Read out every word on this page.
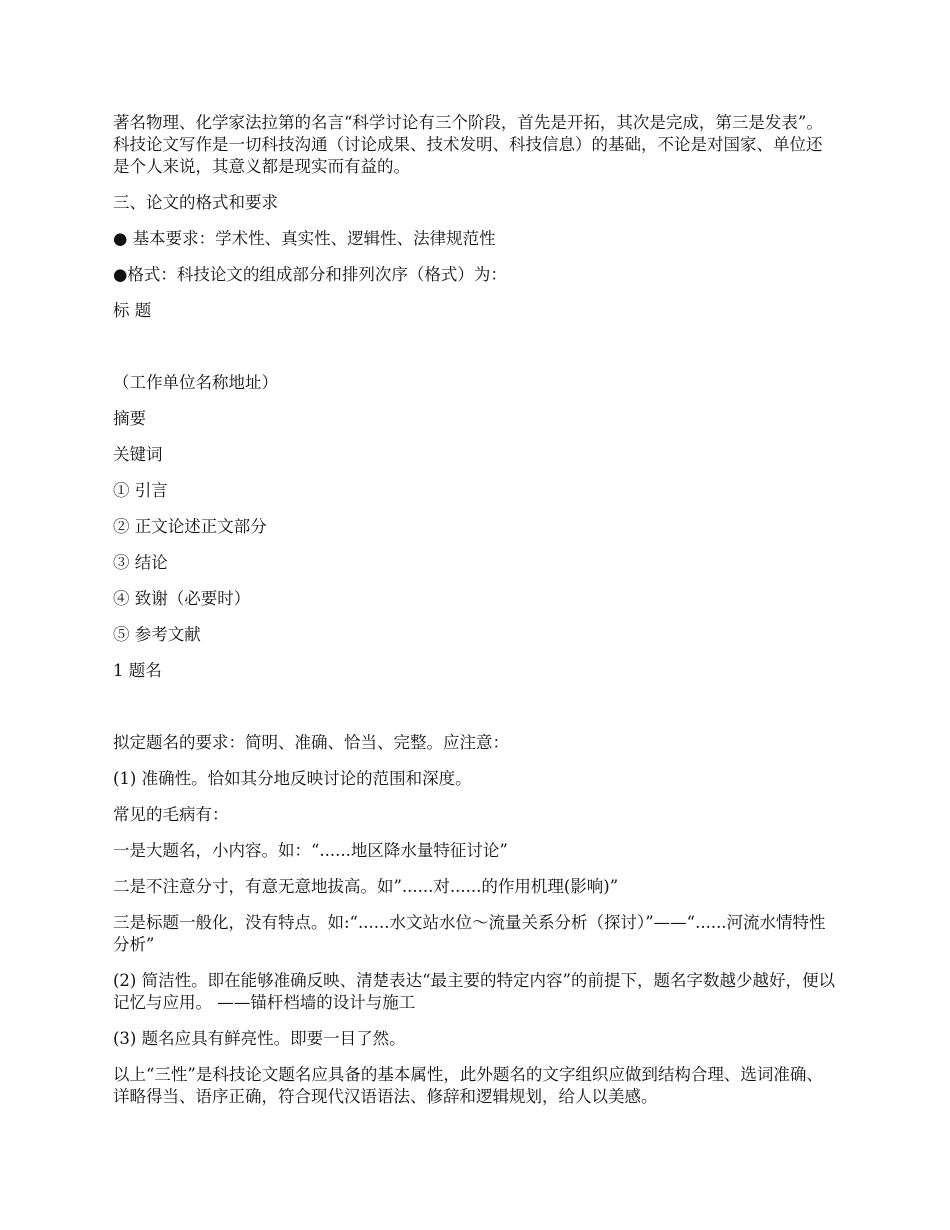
著名物理、化学家法拉第的名言“科学讨论有三个阶段，首先是开拓，其次是完成，第三是发表”。科技论文写作是一切科技沟通（讨论成果、技术发明、科技信息）的基础，不论是对国家、单位还是个人来说，其意义都是现实而有益的。

三、论文的格式和要求

● 基本要求：学术性、真实性、逻辑性、法律规范性

●格式：科技论文的组成部分和排列次序（格式）为：

标 题

（工作单位名称地址）

摘要

关键词

① 引言

② 正文论述正文部分

③ 结论

④ 致谢（必要时）

⑤ 参考文献

1 题名

拟定题名的要求：简明、准确、恰当、完整。应注意：

(1) 准确性。恰如其分地反映讨论的范围和深度。

常见的毛病有：

一是大题名，小内容。如：“......地区降水量特征讨论”

二是不注意分寸，有意无意地拔高。如”......对......的作用机理(影响)”

三是标题一般化，没有特点。如:“......水文站水位～流量关系分析（探讨）”——“......河流水情特性分析”

(2) 简洁性。即在能够准确反映、清楚表达“最主要的特定内容”的前提下，题名字数越少越好，便以记忆与应用。 ——锚杆档墙的设计与施工

(3) 题名应具有鲜亮性。即要一目了然。

以上“三性”是科技论文题名应具备的基本属性，此外题名的文字组织应做到结构合理、选词准确、详略得当、语序正确，符合现代汉语语法、修辞和逻辑规划，给人以美感。
